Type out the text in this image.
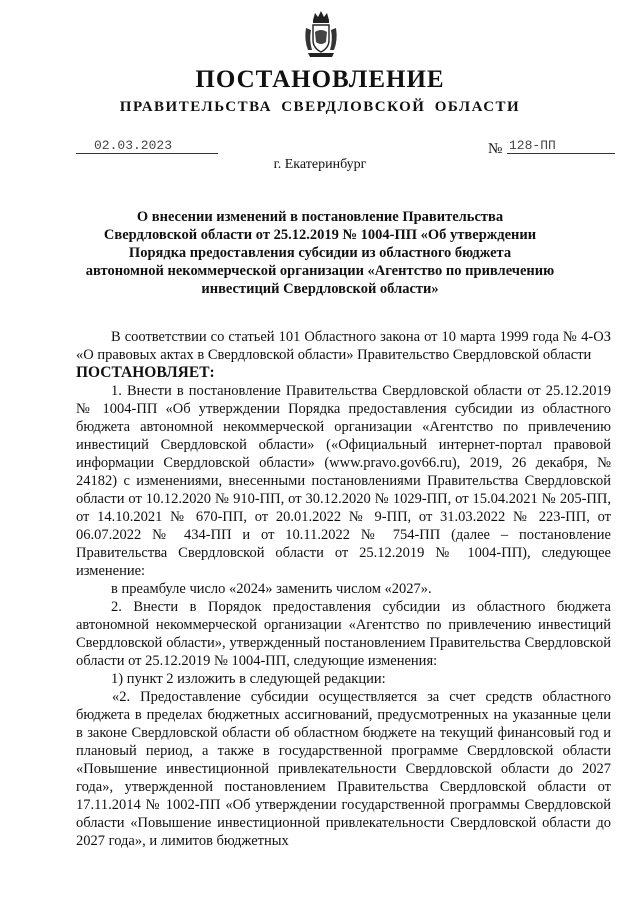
ПОСТАНОВЛЕНИЕ
ПРАВИТЕЛЬСТВА СВЕРДЛОВСКОЙ ОБЛАСТИ
02.03.2023	№ 128-ПП
г. Екатеринбург
О внесении изменений в постановление Правительства
Свердловской области от 25.12.2019 № 1004-ПП «Об утверждении
Порядка предоставления субсидии из областного бюджета
автономной некоммерческой организации «Агентство по привлечению
инвестиций Свердловской области»

В соответствии со статьей 101 Областного закона от 10 марта 1999 года № 4-ОЗ «О правовых актах в Свердловской области» Правительство Свердловской области

ПОСТАНОВЛЯЕТ:

1. Внести в постановление Правительства Свердловской области от 25.12.2019 № 1004-ПП «Об утверждении Порядка предоставления субсидии из областного бюджета автономной некоммерческой организации «Агентство по привлечению инвестиций Свердловской области» («Официальный интернет-портал правовой информации Свердловской области» (www.pravo.gov66.ru), 2019, 26 декабря, № 24182) с изменениями, внесенными постановлениями Правительства Свердловской области от 10.12.2020 № 910-ПП, от 30.12.2020 № 1029-ПП, от 15.04.2021 № 205-ПП, от 14.10.2021 № 670-ПП, от 20.01.2022 № 9-ПП, от 31.03.2022 № 223-ПП, от 06.07.2022 № 434-ПП и от 10.11.2022 № 754-ПП (далее – постановление Правительства Свердловской области от 25.12.2019 № 1004-ПП), следующее изменение:

в преамбуле число «2024» заменить числом «2027».

2. Внести в Порядок предоставления субсидии из областного бюджета автономной некоммерческой организации «Агентство по привлечению инвестиций Свердловской области», утвержденный постановлением Правительства Свердловской области от 25.12.2019 № 1004-ПП, следующие изменения:

1) пункт 2 изложить в следующей редакции:

«2. Предоставление субсидии осуществляется за счет средств областного бюджета в пределах бюджетных ассигнований, предусмотренных на указанные цели в законе Свердловской области об областном бюджете на текущий финансовый год и плановый период, а также в государственной программе Свердловской области «Повышение инвестиционной привлекательности Свердловской области до 2027 года», утвержденной постановлением Правительства Свердловской области от 17.11.2014 № 1002-ПП «Об утверждении государственной программы Свердловской области «Повышение инвестиционной привлекательности Свердловской области до 2027 года», и лимитов бюджетных
